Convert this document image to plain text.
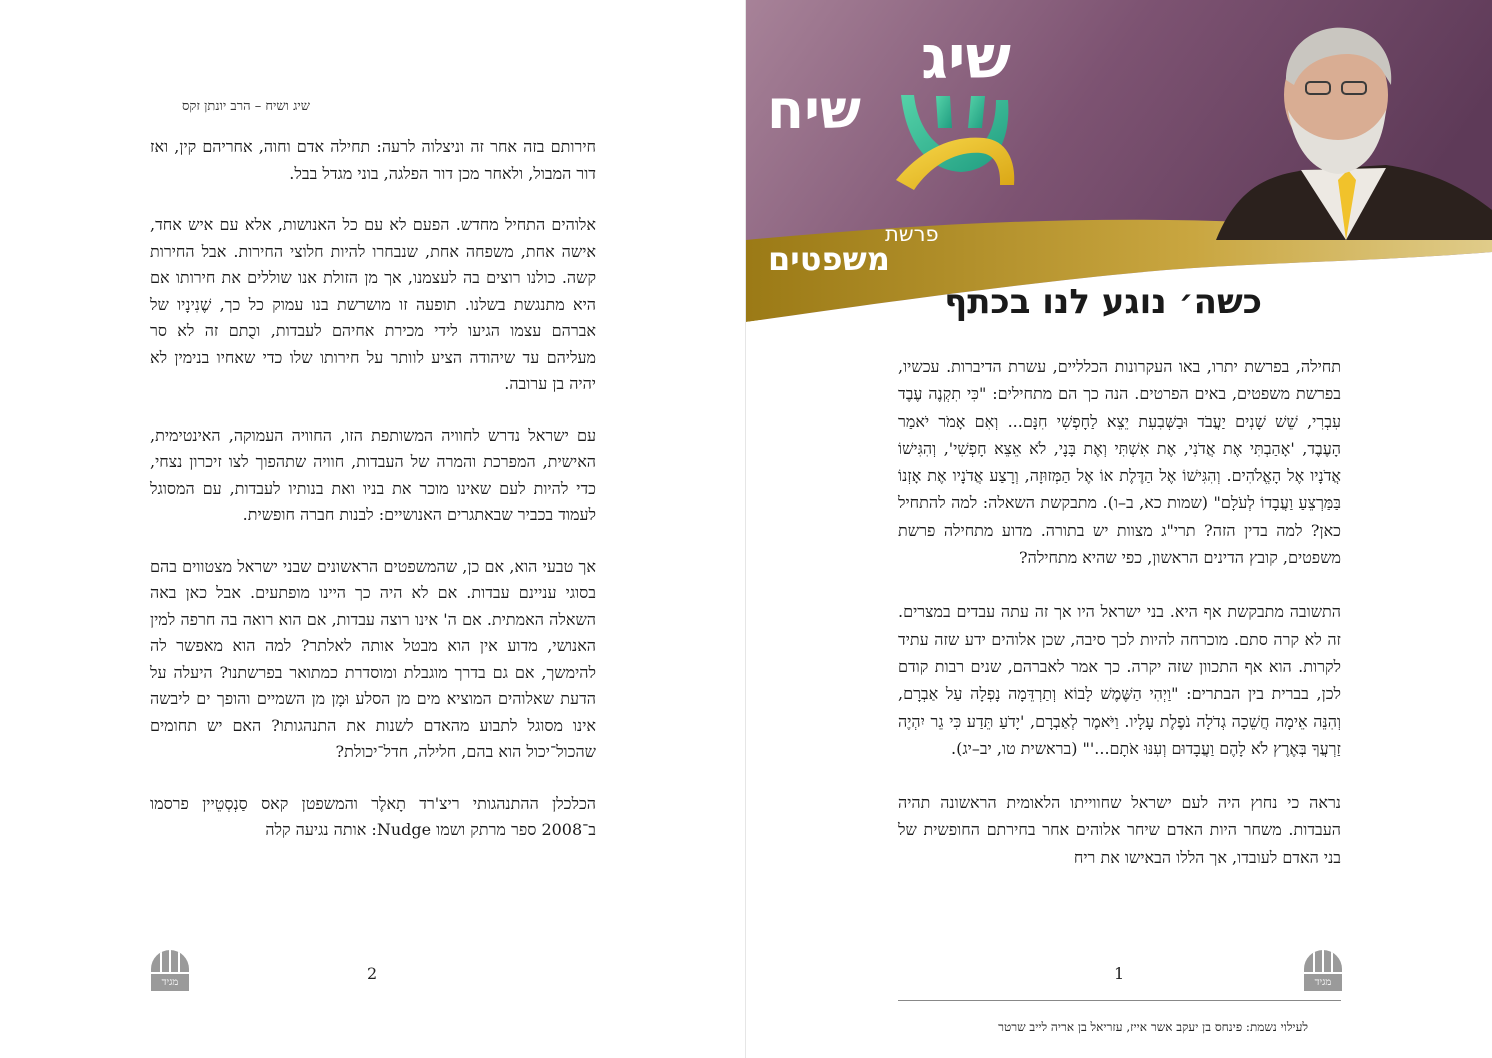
שיג ושיח – הרב יונתן זקס

חירותם בזה אחר זה וניצלוה לרעה: תחילה אדם וחוה, אחריהם קין, ואז דור המבול, ולאחר מכן דור הפלגה, בוני מגדל בבל.

אלוהים התחיל מחדש. הפעם לא עם כל האנושות, אלא עם איש אחד, אישה אחת, משפחה אחת, שנבחרו להיות חלוצי החירות. אבל החירות קשה. כולנו רוצים בה לעצמנו, אך מן הזולת אנו שוללים את חירותו אם היא מתנגשת בשלנו. תופעה זו מושרשת בנו עמוק כל כך, שֶׁנִינָיו של אברהם עצמו הגיעו לידי מכירת אחיהם לעבדות, וכֻתם זה לא סר מעליהם עד שיהודה הציע לוותר על חירותו שלו כדי שאחיו בנימין לא יהיה בן ערובה.

עם ישראל נדרש לחוויה המשותפת הזו, החוויה העמוקה, האינטימית, האישית, המפרכת והמרה של העבדות, חוויה שתהפוך לצו זיכרון נצחי, כדי להיות לעם שאינו מוכר את בניו ואת בנותיו לעבדות, עם המסוגל לעמוד בכביר שבאתגרים האנושיים: לבנות חברה חופשית.

אך טבעי הוא, אם כן, שהמשפטים הראשונים שבני ישראל מצטווים בהם בסוגי עניינם עבדות. אם לא היה כך היינו מופתעים. אבל כאן באה השאלה האמתית. אם ה' אינו רוצה עבדות, אם הוא רואה בה חרפה למין האנושי, מדוע אין הוא מבטל אותה לאלתר? למה הוא מאפשר לה להימשך, אם גם בדרך מוגבלת ומוסדרת כמתואר בפרשתנו? היעלה על הדעת שאלוהים המוציא מים מן הסלע וּמָן מן השמיים והופך ים ליבשה אינו מסוגל לתבוע מהאדם לשנות את התנהגותו? האם יש תחומים שהכול־יכול הוא בהם, חלילה, חדל־יכולת?

הכלכלן ההתנהגותי ריצ'רד תָאלֶר והמשפטן קאס סַנְסְטֵיין פרסמו ב־2008 ספר מרתק ושמו Nudge: אותה נגיעה קלה

2
מגיד
שיג
שיח
פרשת
משפטים
כשה׳ נוגע לנו בכתף

תחילה, בפרשת יתרו, באו העקרונות הכלליים, עשרת הדיברות. עכשיו, בפרשת משפטים, באים הפרטים. הנה כך הם מתחילים: "כִּי תִקְנֶה עֶבֶד עִבְרִי, שֵׁשׁ שָׁנִים יַעֲבֹד וּבַשְּׁבִעִת יֵצֵא לַחָפְשִׁי חִנָּם... וְאִם אָמֹר יֹאמַר הָעֶבֶד, 'אָהַבְתִּי אֶת אֲדֹנִי, אֶת אִשְׁתִּי וְאֶת בָּנָי, לֹא אֵצֵא חָפְשִׁי', וְהִגִּישׁוֹ אֲדֹנָיו אֶל הָאֱלֹהִים. וְהִגִּישׁוֹ אֶל הַדֶּלֶת אוֹ אֶל הַמְּזוּזָה, וְרָצַע אֲדֹנָיו אֶת אָזְנוֹ בַּמַּרְצֵעַ וַעֲבָדוֹ לְעֹלָם" (שמות כא, ב–ו). מתבקשת השאלה: למה להתחיל כאן? למה בדין הזה? תרי"ג מצוות יש בתורה. מדוע מתחילה פרשת משפטים, קובץ הדינים הראשון, כפי שהיא מתחילה?

התשובה מתבקשת אף היא. בני ישראל היו אך זה עתה עבדים במצרים. זה לא קרה סתם. מוכרחה להיות לכך סיבה, שכן אלוהים ידע שזה עתיד לקרות. הוא אף התכוון שזה יקרה. כך אמר לאברהם, שנים רבות קודם לכן, בברית בין הבתרים: "וַיְהִי הַשֶּׁמֶשׁ לָבוֹא וְתַרְדֵּמָה נָפְלָה עַל אַבְרָם, וְהִנֵּה אֵימָה חֲשֵׁכָה גְדֹלָה נֹפֶלֶת עָלָיו. וַיֹּאמֶר לְאַבְרָם, 'יָדֹעַ תֵּדַע כִּי גֵר יִהְיֶה זַרְעֲךָ בְּאֶרֶץ לֹא לָהֶם וַעֲבָדוּם וְעִנּוּ אֹתָם...'" (בראשית טו, יב–יג).

נראה כי נחוץ היה לעם ישראל שחווייתו הלאומית הראשונה תהיה העבדות. משחר היות האדם שיחר אלוהים אחר בחירתם החופשית של בני האדם לעובדו, אך הללו הבאישו את ריח

1	מגיד
לעילוי נשמת: פינחס בן יעקב אשר אייז, עזריאל בן אריה לייב שרטר
